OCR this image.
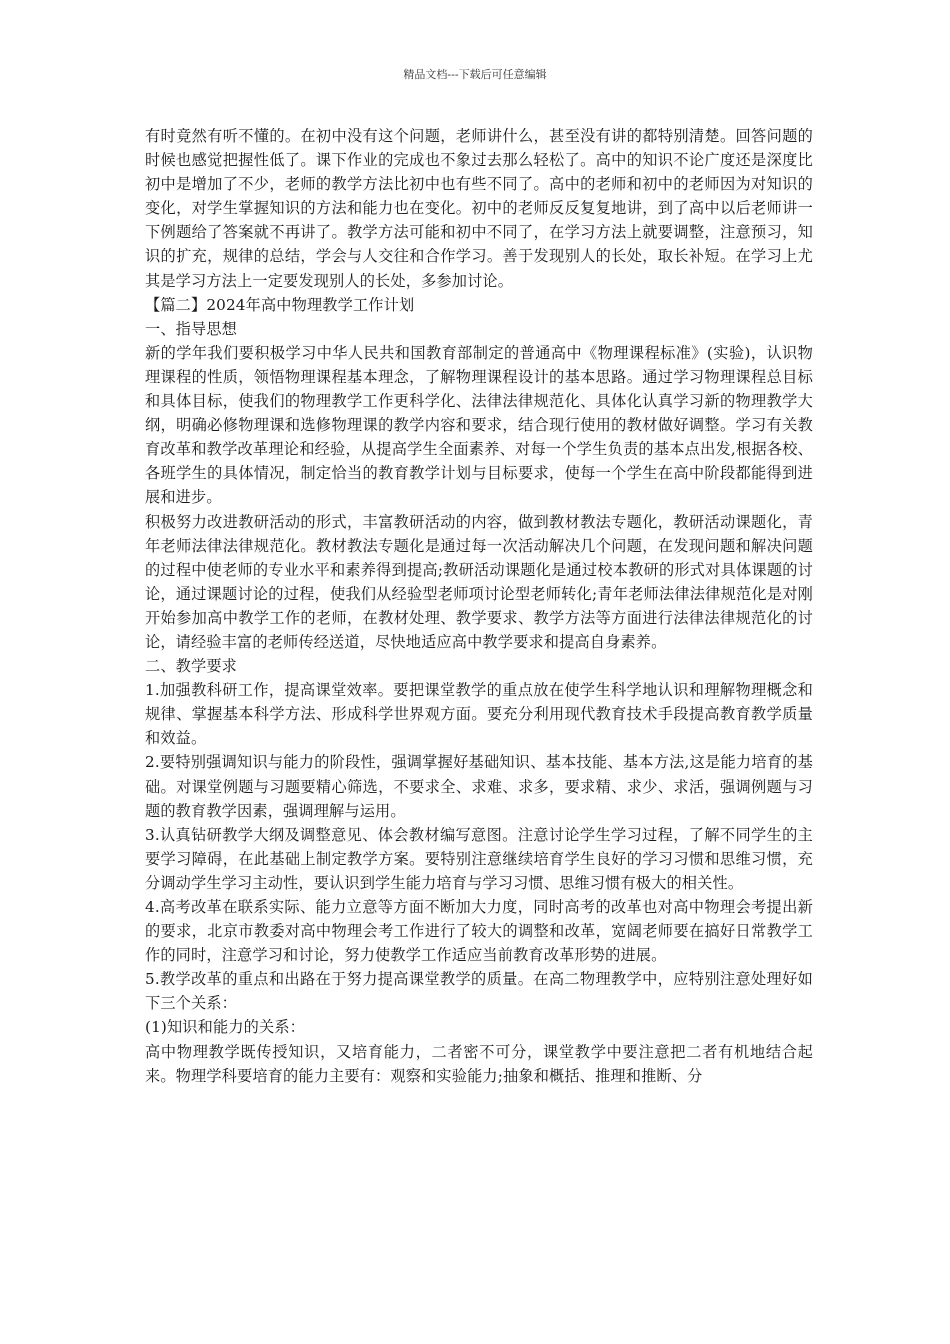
精品文档---下载后可任意编辑

有时竟然有听不懂的。在初中没有这个问题，老师讲什么，甚至没有讲的都特别清楚。回答问题的时候也感觉把握性低了。课下作业的完成也不象过去那么轻松了。高中的知识不论广度还是深度比初中是增加了不少，老师的教学方法比初中也有些不同了。高中的老师和初中的老师因为对知识的变化，对学生掌握知识的方法和能力也在变化。初中的老师反反复复地讲，到了高中以后老师讲一下例题给了答案就不再讲了。教学方法可能和初中不同了，在学习方法上就要调整，注意预习，知识的扩充，规律的总结，学会与人交往和合作学习。善于发现别人的长处，取长补短。在学习上尤其是学习方法上一定要发现别人的长处，多参加讨论。

【篇二】2024年高中物理教学工作计划

一、指导思想

新的学年我们要积极学习中华人民共和国教育部制定的普通高中《物理课程标准》(实验)，认识物理课程的性质，领悟物理课程基本理念，了解物理课程设计的基本思路。通过学习物理课程总目标和具体目标，使我们的物理教学工作更科学化、法律法律规范化、具体化认真学习新的物理教学大纲，明确必修物理课和选修物理课的教学内容和要求，结合现行使用的教材做好调整。学习有关教育改革和教学改革理论和经验，从提高学生全面素养、对每一个学生负责的基本点出发,根据各校、各班学生的具体情况，制定恰当的教育教学计划与目标要求，使每一个学生在高中阶段都能得到进展和进步。

积极努力改进教研活动的形式，丰富教研活动的内容，做到教材教法专题化，教研活动课题化，青年老师法律法律规范化。教材教法专题化是通过每一次活动解决几个问题，在发现问题和解决问题的过程中使老师的专业水平和素养得到提高;教研活动课题化是通过校本教研的形式对具体课题的讨论，通过课题讨论的过程，使我们从经验型老师项讨论型老师转化;青年老师法律法律规范化是对刚开始参加高中教学工作的老师，在教材处理、教学要求、教学方法等方面进行法律法律规范化的讨论，请经验丰富的老师传经送道，尽快地适应高中教学要求和提高自身素养。

二、教学要求

1.加强教科研工作，提高课堂效率。要把课堂教学的重点放在使学生科学地认识和理解物理概念和规律、掌握基本科学方法、形成科学世界观方面。要充分利用现代教育技术手段提高教育教学质量和效益。

2.要特别强调知识与能力的阶段性，强调掌握好基础知识、基本技能、基本方法,这是能力培育的基础。对课堂例题与习题要精心筛选，不要求全、求难、求多，要求精、求少、求活，强调例题与习题的教育教学因素，强调理解与运用。

3.认真钻研教学大纲及调整意见、体会教材编写意图。注意讨论学生学习过程，了解不同学生的主要学习障碍，在此基础上制定教学方案。要特别注意继续培育学生良好的学习习惯和思维习惯，充分调动学生学习主动性，要认识到学生能力培育与学习习惯、思维习惯有极大的相关性。

4.高考改革在联系实际、能力立意等方面不断加大力度，同时高考的改革也对高中物理会考提出新的要求，北京市教委对高中物理会考工作进行了较大的调整和改革，宽阔老师要在搞好日常教学工作的同时，注意学习和讨论，努力使教学工作适应当前教育改革形势的进展。

5.教学改革的重点和出路在于努力提高课堂教学的质量。在高二物理教学中，应特别注意处理好如下三个关系：

(1)知识和能力的关系：

高中物理教学既传授知识，又培育能力，二者密不可分，课堂教学中要注意把二者有机地结合起来。物理学科要培育的能力主要有：观察和实验能力;抽象和概括、推理和推断、分
